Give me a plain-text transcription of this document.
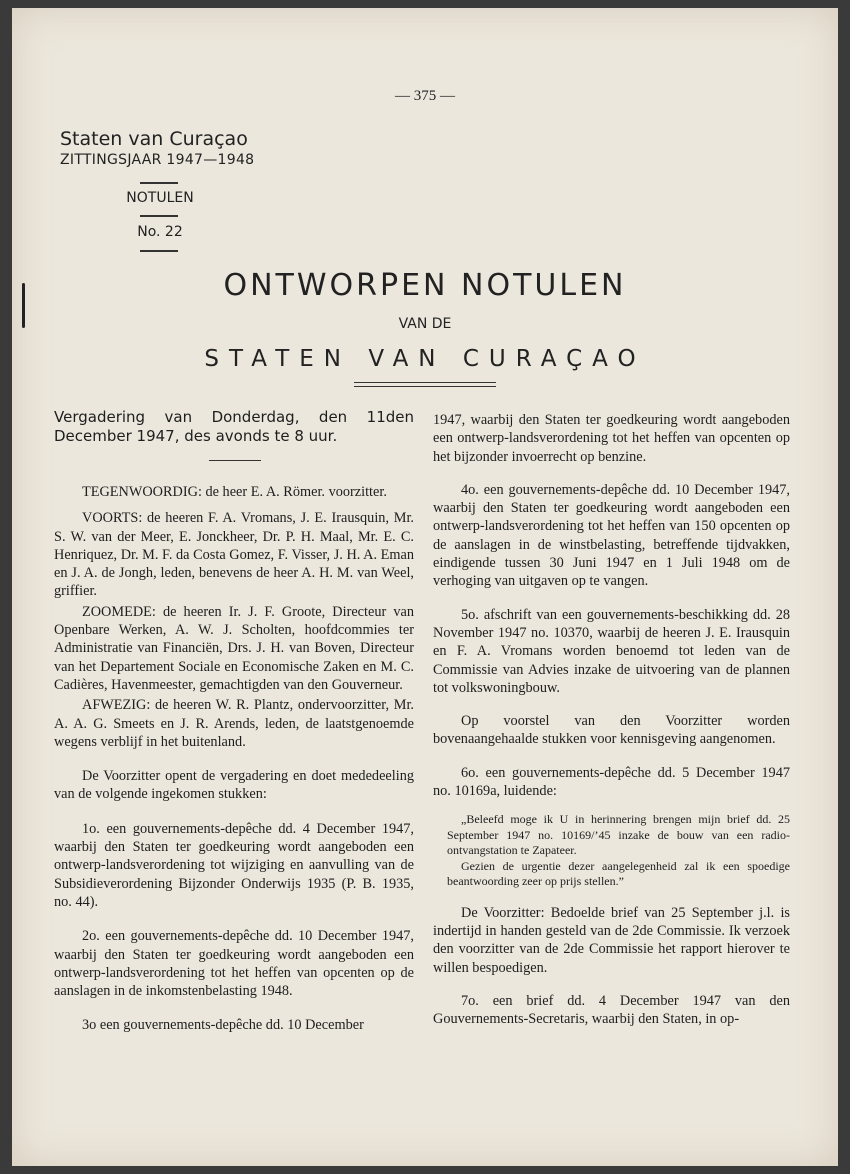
— 375 —
Staten van Curaçao
ZITTINGSJAAR 1947—1948
NOTULEN
No. 22
ONTWORPEN NOTULEN
VAN DE
STATEN VAN CURAÇAO

Vergadering van Donderdag, den 11den December 1947, des avonds te 8 uur.

TEGENWOORDIG: de heer E. A. Römer. voorzitter.

VOORTS: de heeren F. A. Vromans, J. E. Irausquin, Mr. S. W. van der Meer, E. Jonckheer, Dr. P. H. Maal, Mr. E. C. Henriquez, Dr. M. F. da Costa Gomez, F. Visser, J. H. A. Eman en J. A. de Jongh, leden, benevens de heer A. H. M. van Weel, griffier.

ZOOMEDE: de heeren Ir. J. F. Groote, Directeur van Openbare Werken, A. W. J. Scholten, hoofdcommies ter Administratie van Financiën, Drs. J. H. van Boven, Directeur van het Departement Sociale en Economische Zaken en M. C. Cadières, Havenmeester, gemachtigden van den Gouverneur.

AFWEZIG: de heeren W. R. Plantz, ondervoorzitter, Mr. A. A. G. Smeets en J. R. Arends, leden, de laatstgenoemde wegens verblijf in het buitenland.

De Voorzitter opent de vergadering en doet mededeeling van de volgende ingekomen stukken:

1o. een gouvernements-depêche dd. 4 December 1947, waarbij den Staten ter goedkeuring wordt aangeboden een ontwerp-landsverordening tot wijziging en aanvulling van de Subsidieverordening Bijzonder Onderwijs 1935 (P. B. 1935, no. 44).

2o. een gouvernements-depêche dd. 10 December 1947, waarbij den Staten ter goedkeuring wordt aangeboden een ontwerp-landsverordening tot het heffen van opcenten op de aanslagen in de inkomstenbelasting 1948.

3o een gouvernements-depêche dd. 10 December

1947, waarbij den Staten ter goedkeuring wordt aangeboden een ontwerp-landsverordening tot het heffen van opcenten op het bijzonder invoerrecht op benzine.

4o. een gouvernements-depêche dd. 10 December 1947, waarbij den Staten ter goedkeuring wordt aangeboden een ontwerp-landsverordening tot het heffen van 150 opcenten op de aanslagen in de winstbelasting, betreffende tijdvakken, eindigende tussen 30 Juni 1947 en 1 Juli 1948 om de verhoging van uitgaven op te vangen.

5o. afschrift van een gouvernements-beschikking dd. 28 November 1947 no. 10370, waarbij de heeren J. E. Irausquin en F. A. Vromans worden benoemd tot leden van de Commissie van Advies inzake de uitvoering van de plannen tot volkswoningbouw.

Op voorstel van den Voorzitter worden bovenaangehaalde stukken voor kennisgeving aangenomen.

6o. een gouvernements-depêche dd. 5 December 1947 no. 10169a, luidende:

„Beleefd moge ik U in herinnering brengen mijn brief dd. 25 September 1947 no. 10169/’45 inzake de bouw van een radio-ontvangstation te Zapateer.

Gezien de urgentie dezer aangelegenheid zal ik een spoedige beantwoording zeer op prijs stellen.”

De Voorzitter: Bedoelde brief van 25 September j.l. is indertijd in handen gesteld van de 2de Commissie. Ik verzoek den voorzitter van de 2de Commissie het rapport hierover te willen bespoedigen.

7o. een brief dd. 4 December 1947 van den Gouvernements-Secretaris, waarbij den Staten, in op-
